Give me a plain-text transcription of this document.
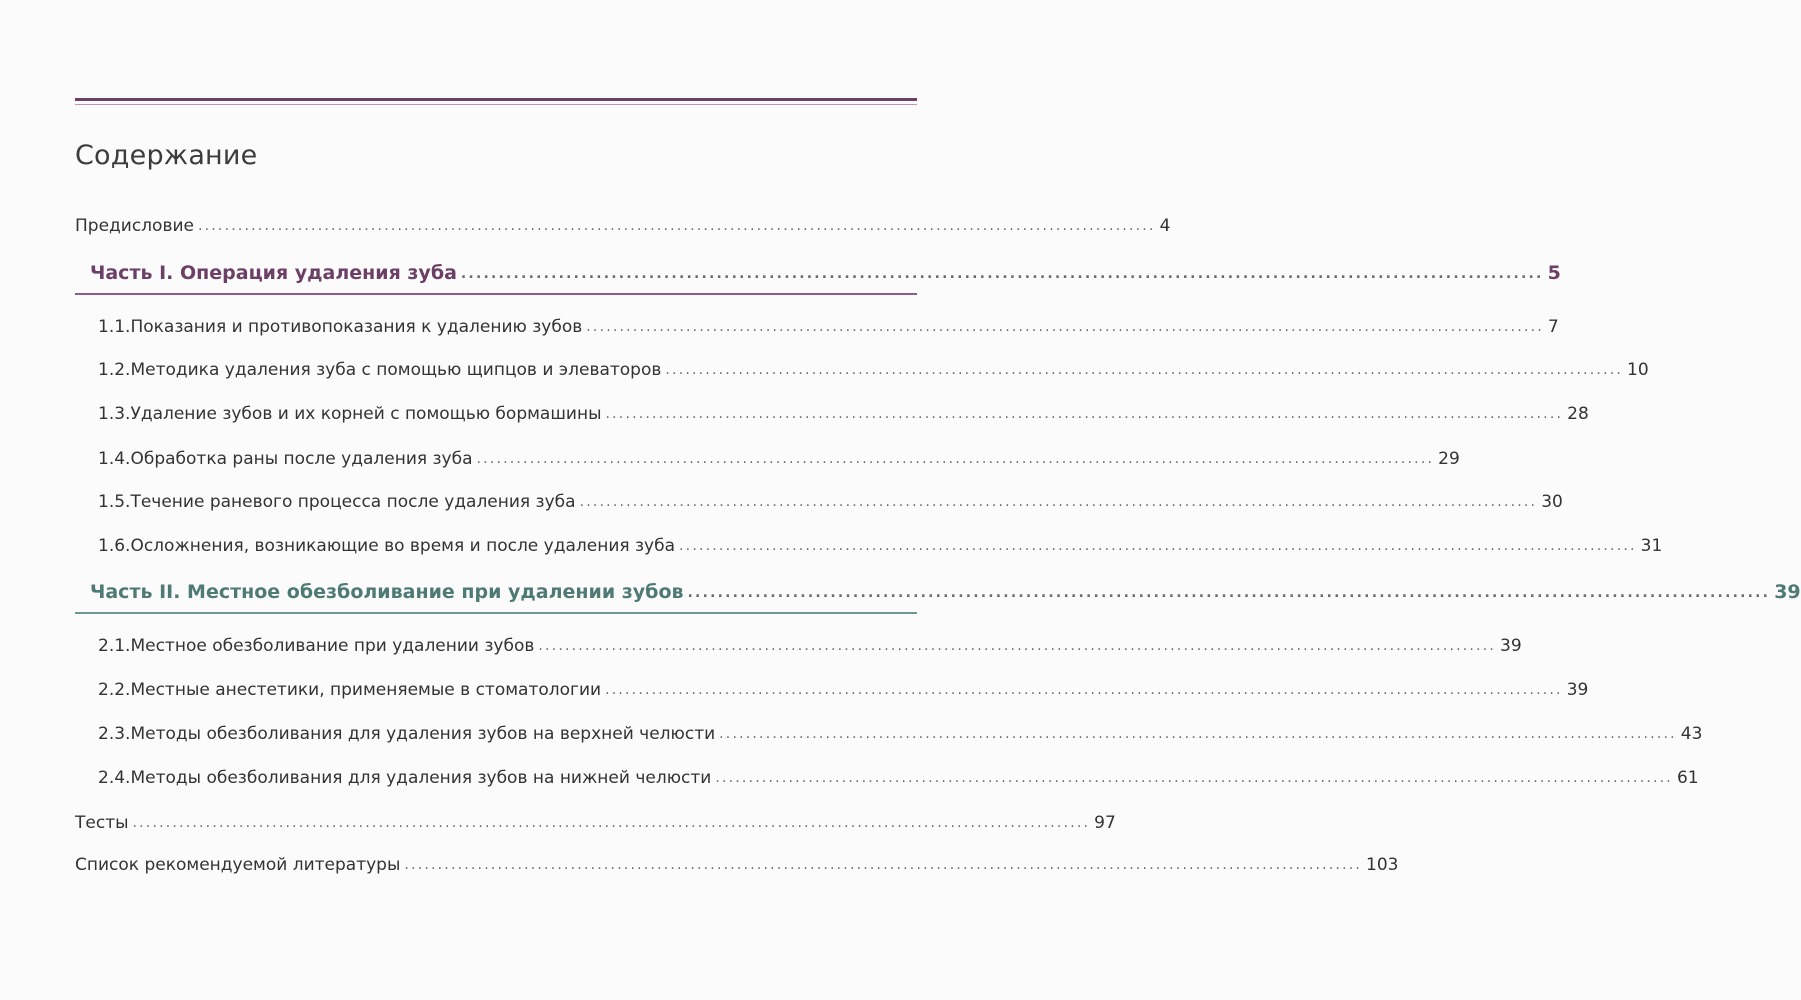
Содержание
Предисловие ................................................................................................................................................ 4
Часть I. Операция удаления зуба ................................................................................................................................................ 5
1.1. Показания и противопоказания к удалению зубов ................................................................................................................................................ 7
1.2. Методика удаления зуба с помощью щипцов и элеваторов ................................................................................................................................................ 10
1.3. Удаление зубов и их корней с помощью бормашины ................................................................................................................................................ 28
1.4. Обработка раны после удаления зуба ................................................................................................................................................ 29
1.5. Течение раневого процесса после удаления зуба ................................................................................................................................................ 30
1.6. Осложнения, возникающие во время и после удаления зуба ................................................................................................................................................ 31
Часть II. Местное обезболивание при удалении зубов ................................................................................................................................................ 39
2.1. Местное обезболивание при удалении зубов ................................................................................................................................................ 39
2.2. Местные анестетики, применяемые в стоматологии ................................................................................................................................................ 39
2.3. Методы обезболивания для удаления зубов на верхней челюсти ................................................................................................................................................ 43
2.4. Методы обезболивания для удаления зубов на нижней челюсти ................................................................................................................................................ 61
Тесты ................................................................................................................................................ 97
Список рекомендуемой литературы ................................................................................................................................................ 103
